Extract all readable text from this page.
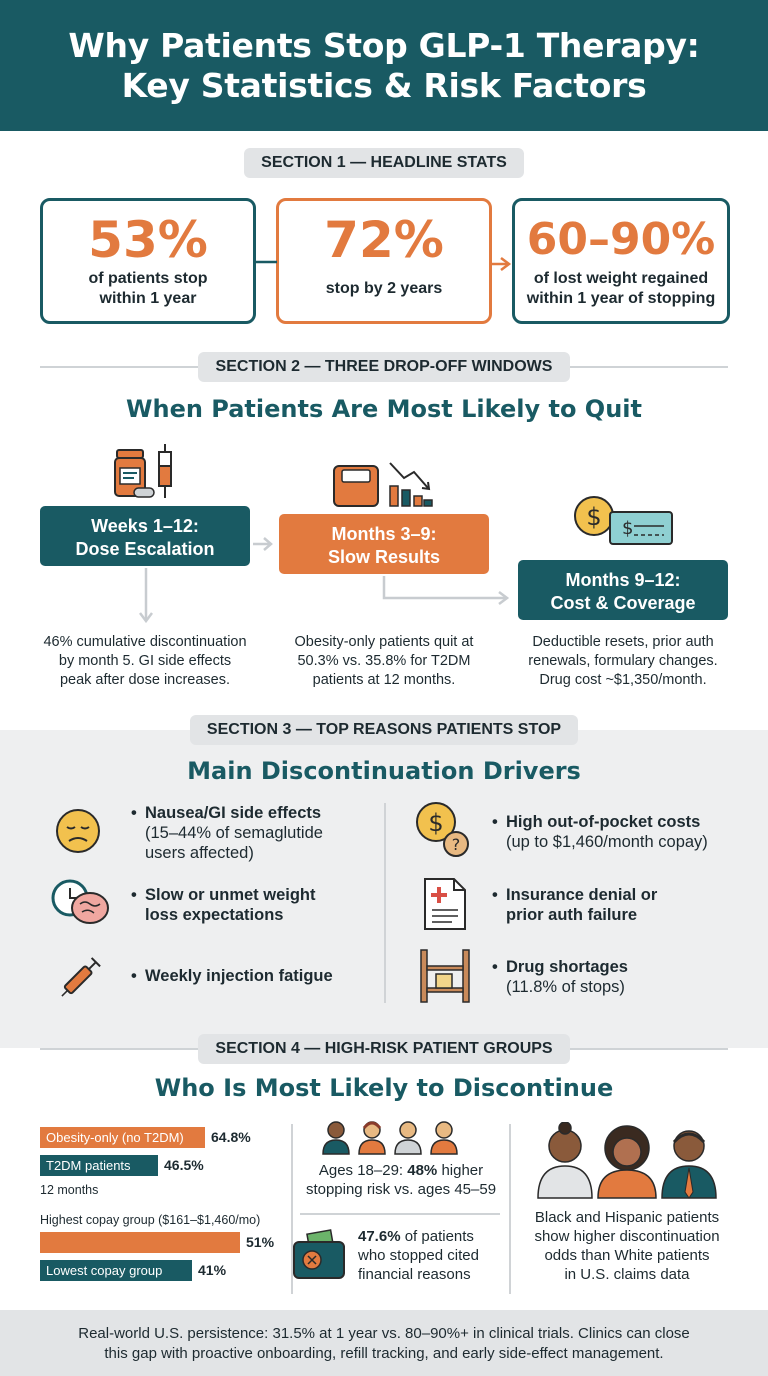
Why Patients Stop GLP-1 Therapy:
Key Statistics & Risk Factors
SECTION 1 — HEADLINE STATS
53%
of patients stop
within 1 year
72%
stop by 2 years
60–90%
of lost weight regained
within 1 year of stopping
SECTION 2 — THREE DROP-OFF WINDOWS
When Patients Are Most Likely to Quit
$ $
Weeks 1–12:
Dose Escalation
Months 3–9:
Slow Results
Months 9–12:
Cost & Coverage
46% cumulative discontinuation
by month 5. GI side effects
peak after dose increases.
Obesity-only patients quit at
50.3% vs. 35.8% for T2DM
patients at 12 months.
Deductible resets, prior auth
renewals, formulary changes.
Drug cost ~$1,350/month.
SECTION 3 — TOP REASONS PATIENTS STOP
Main Discontinuation Drivers
• Nausea/GI side effects
(15–44% of semaglutide
users affected)
• Slow or unmet weight
loss expectations
• Weekly injection fatigue
$
?
• High out-of-pocket costs
(up to $1,460/month copay)
• Insurance denial or
prior auth failure
• Drug shortages
(11.8% of stops)
SECTION 4 — HIGH-RISK PATIENT GROUPS
Who Is Most Likely to Discontinue
Obesity-only (no T2DM)	64.8%
T2DM patients	46.5%
12 months
Highest copay group ($161–$1,460/mo)
51%
Lowest copay group	41%
Ages 18–29: 48% higher
stopping risk vs. ages 45–59
47.6% of patients
who stopped cited
financial reasons
Black and Hispanic patients
show higher discontinuation
odds than White patients
in U.S. claims data
Real-world U.S. persistence: 31.5% at 1 year vs. 80–90%+ in clinical trials. Clinics can close
this gap with proactive onboarding, refill tracking, and early side-effect management.
